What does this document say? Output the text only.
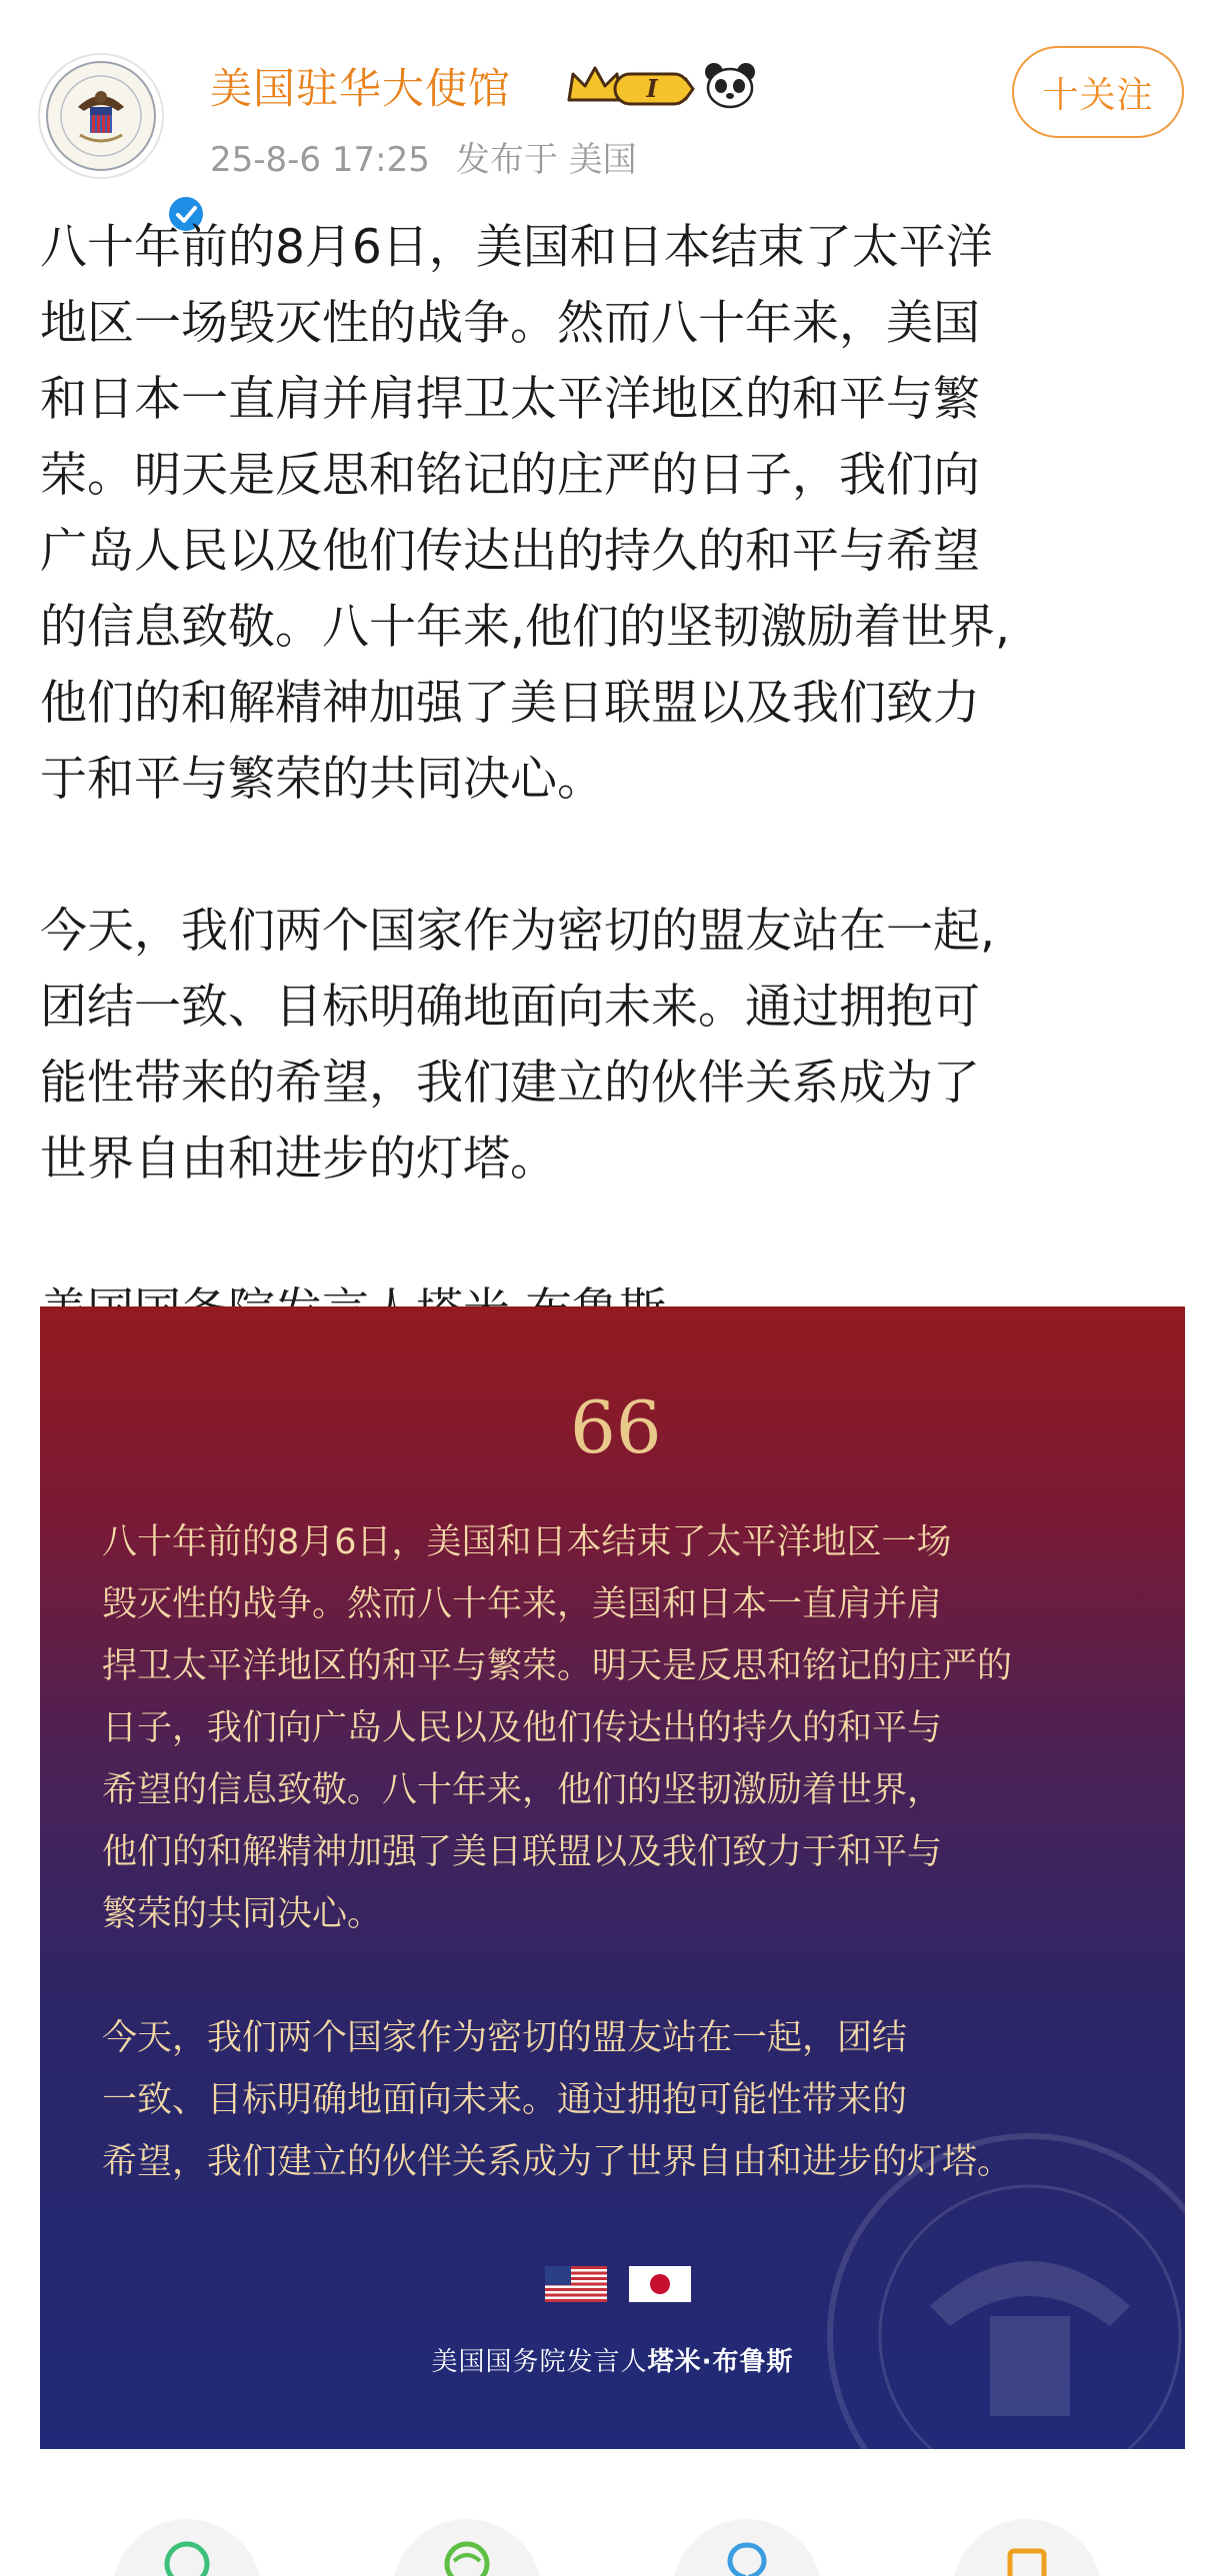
美国驻华大使馆	I
25-8-6 17:25 发布于 美国
十关注

八十年前的8月6日，美国和日本结束了太平洋

地区一场毁灭性的战争。然而八十年来，美国

和日本一直肩并肩捍卫太平洋地区的和平与繁

荣。明天是反思和铭记的庄严的日子，我们向

广岛人民以及他们传达出的持久的和平与希望

的信息致敬。八十年来,他们的坚韧激励着世界,

他们的和解精神加强了美日联盟以及我们致力

于和平与繁荣的共同决心。

今天，我们两个国家作为密切的盟友站在一起,

团结一致、目标明确地面向未来。通过拥抱可

能性带来的希望，我们建立的伙伴关系成为了

世界自由和进步的灯塔。

66

八十年前的8月6日，美国和日本结束了太平洋地区一场

毁灭性的战争。然而八十年来，美国和日本一直肩并肩

捍卫太平洋地区的和平与繁荣。明天是反思和铭记的庄严的

日子，我们向广岛人民以及他们传达出的持久的和平与

希望的信息致敬。八十年来，他们的坚韧激励着世界，

他们的和解精神加强了美日联盟以及我们致力于和平与

繁荣的共同决心。

今天，我们两个国家作为密切的盟友站在一起，团结

一致、目标明确地面向未来。通过拥抱可能性带来的

希望，我们建立的伙伴关系成为了世界自由和进步的灯塔。

美国国务院发言人塔米·布鲁斯
